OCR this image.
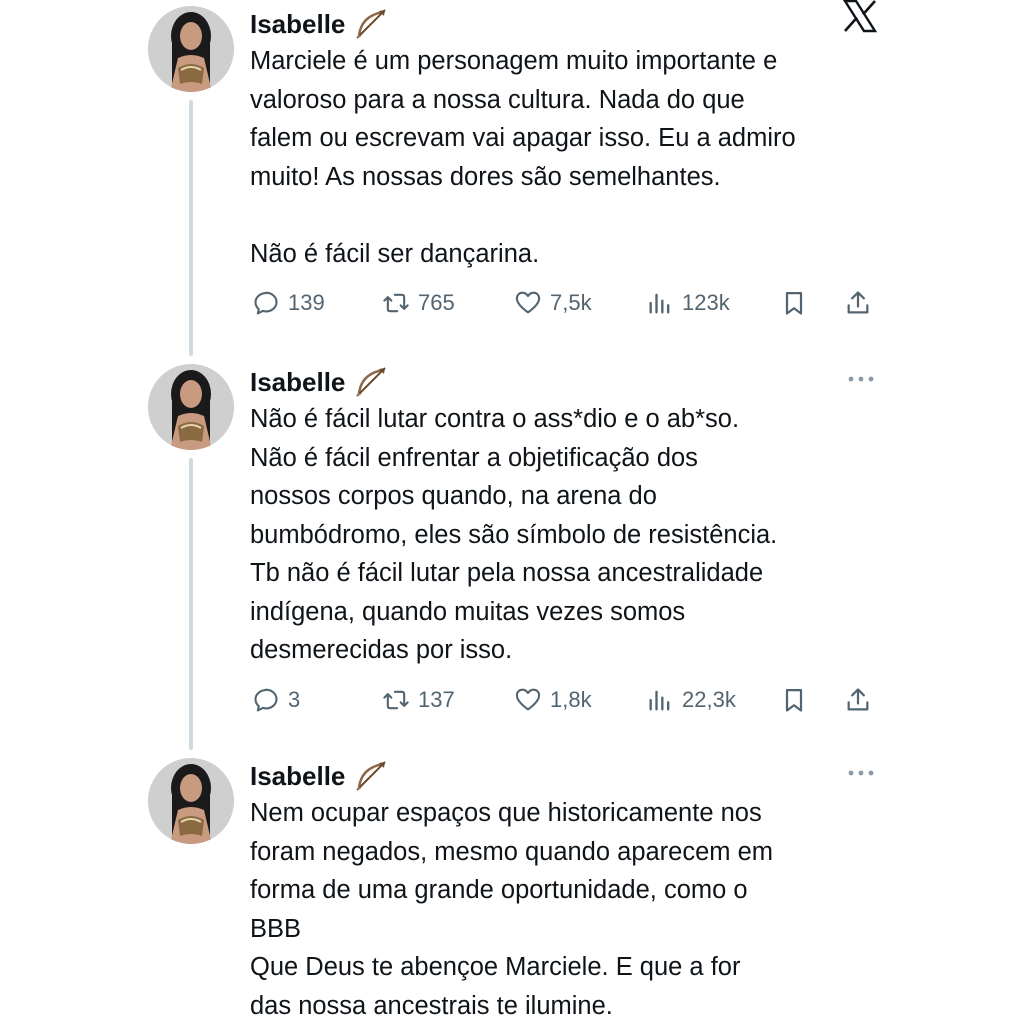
Isabelle
Marciele é um personagem muito importante e
valoroso para a nossa cultura. Nada do que
falem ou escrevam vai apagar isso. Eu a admiro
muito! As nossas dores são semelhantes.

Não é fácil ser dançarina.
139	765	7,5k	123k
Isabelle
Não é fácil lutar contra o ass*dio e o ab*so.
Não é fácil enfrentar a objetificação dos
nossos corpos quando, na arena do
bumbódromo, eles são símbolo de resistência.
Tb não é fácil lutar pela nossa ancestralidade
indígena, quando muitas vezes somos
desmerecidas por isso.
3	137	1,8k	22,3k
Isabelle
Nem ocupar espaços que historicamente nos
foram negados, mesmo quando aparecem em
forma de uma grande oportunidade, como o
BBB
Que Deus te abençoe Marciele. E que a for
das nossa ancestrais te ilumine.
